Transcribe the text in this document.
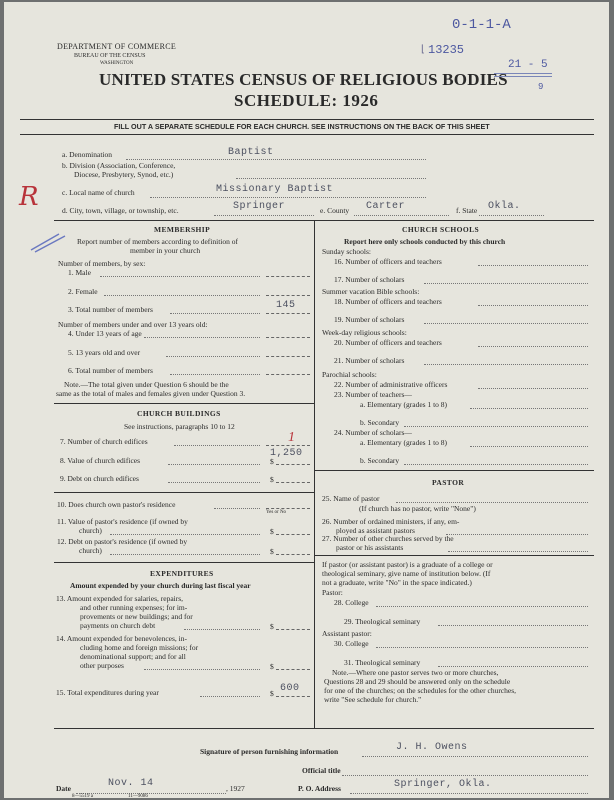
DEPARTMENT OF COMMERCE
BUREAU OF THE CENSUS
WASHINGTON
UNITED STATES CENSUS OF RELIGIOUS BODIES
SCHEDULE: 1926
FILL OUT A SEPARATE SCHEDULE FOR EACH CHURCH. SEE INSTRUCTIONS ON THE BACK OF THIS SHEET
0-1-1-A
13235
⌊
21 - 5
9
R
a. Denomination	Baptist
b. Division (Association, Conference,
Diocese, Presbytery, Synod, etc.)
c. Local name of church	Missionary Baptist
d. City, town, village, or township, etc.	Springer	e. County Carter	f. State Okla.
MEMBERSHIP
Report number of members according to definition of
member in your church
Number of members, by sex:
1. Male
2. Female
3. Total number of members	145
Number of members under and over 13 years old:
4. Under 13 years of age
5. 13 years old and over
6. Total number of members
Note.—The total given under Question 6 should be the
same as the total of males and females given under Question 3.
CHURCH BUILDINGS
See instructions, paragraphs 10 to 12
7. Number of church edifices	1
8. Value of church edifices	$
1,250
9. Debt on church edifices	$
10. Does church own pastor's residence
Yes or No
11. Value of pastor's residence (if owned by
church)	$
12. Debt on pastor's residence (if owned by
church)	$
EXPENDITURES
Amount expended by your church during last fiscal year
13. Amount expended for salaries, repairs,
and other running expenses; for im-
provements or new buildings; and for
payments on church debt	$
14. Amount expended for benevolences, in-
cluding home and foreign missions; for
denominational support; and for all
other purposes	$
15. Total expenditures during year	$ 600
CHURCH SCHOOLS
Report here only schools conducted by this church
Sunday schools:
16. Number of officers and teachers
17. Number of scholars
Summer vacation Bible schools:
18. Number of officers and teachers
19. Number of scholars
Week-day religious schools:
20. Number of officers and teachers
21. Number of scholars
Parochial schools:
22. Number of administrative officers
23. Number of teachers—
a. Elementary (grades 1 to 8)
b. Secondary
24. Number of scholars—
a. Elementary (grades 1 to 8)
b. Secondary
PASTOR
25. Name of pastor
(If church has no pastor, write "None")
26. Number of ordained ministers, if any, em-
ployed as assistant pastors
27. Number of other churches served by the
pastor or his assistants
If pastor (or assistant pastor) is a graduate of a college or
theological seminary, give name of institution below. (If
not a graduate, write "No" in the space indicated.)
Pastor:
28. College
29. Theological seminary
Assistant pastor:
30. College
31. Theological seminary
Note.—Where one pastor serves two or more churches,
Questions 28 and 29 should be answered only on the schedule
for one of the churches; on the schedules for the other churches,
write "See schedule for church."
Signature of person furnishing information	J. H. Owens
Official title
Date	Nov. 14	, 1927	P. O. Address	Springer, Okla.
8—5519 a	11—9086
